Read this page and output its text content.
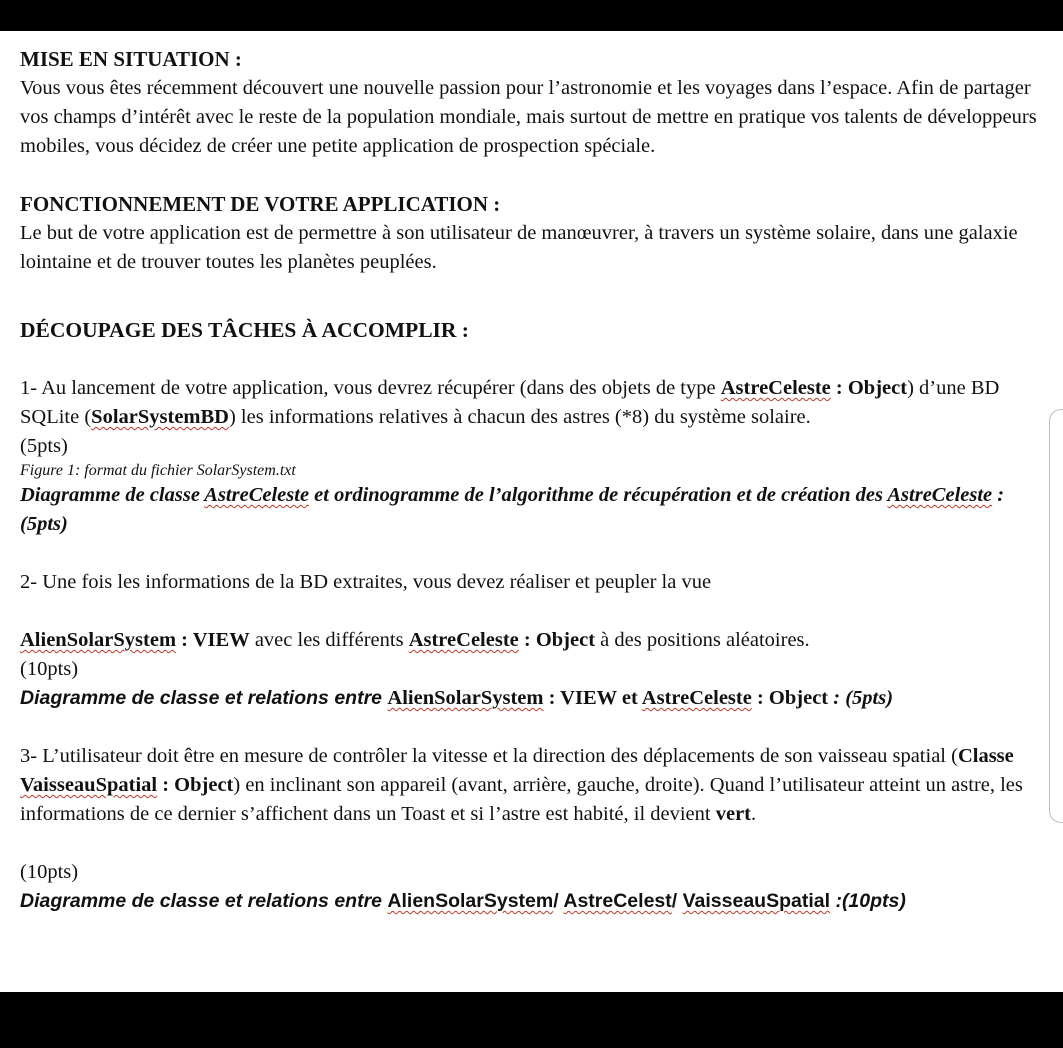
MISE EN SITUATION :

Vous vous êtes récemment découvert une nouvelle passion pour l’astronomie et les voyages dans l’espace. Afin de partager vos champs d’intérêt avec le reste de la population mondiale, mais surtout de mettre en pratique vos talents de développeurs mobiles, vous décidez de créer une petite application de prospection spéciale.

FONCTIONNEMENT DE VOTRE APPLICATION :

Le but de votre application est de permettre à son utilisateur de manœuvrer, à travers un système solaire, dans une galaxie lointaine et de trouver toutes les planètes peuplées.

DÉCOUPAGE DES TÂCHES À ACCOMPLIR :

1- Au lancement de votre application, vous devrez récupérer (dans des objets de type AstreCeleste : Object) d’une BD SQLite (SolarSystemBD) les informations relatives à chacun des astres (*8) du système solaire.

(5pts)

Figure 1: format du fichier SolarSystem.txt

Diagramme de classe AstreCeleste et ordinogramme de l’algorithme de récupération et de création des AstreCeleste : (5pts)

2- Une fois les informations de la BD extraites, vous devez réaliser et peupler la vue

AlienSolarSystem : VIEW avec les différents AstreCeleste : Object à des positions aléatoires.

(10pts)

Diagramme de classe et relations entre AlienSolarSystem : VIEW et AstreCeleste : Object : (5pts)

3- L’utilisateur doit être en mesure de contrôler la vitesse et la direction des déplacements de son vaisseau spatial (Classe VaisseauSpatial : Object) en inclinant son appareil (avant, arrière, gauche, droite). Quand l’utilisateur atteint un astre, les informations de ce dernier s’affichent dans un Toast et si l’astre est habité, il devient vert.

(10pts)

Diagramme de classe et relations entre AlienSolarSystem/ AstreCelest/ VaisseauSpatial :(10pts)
